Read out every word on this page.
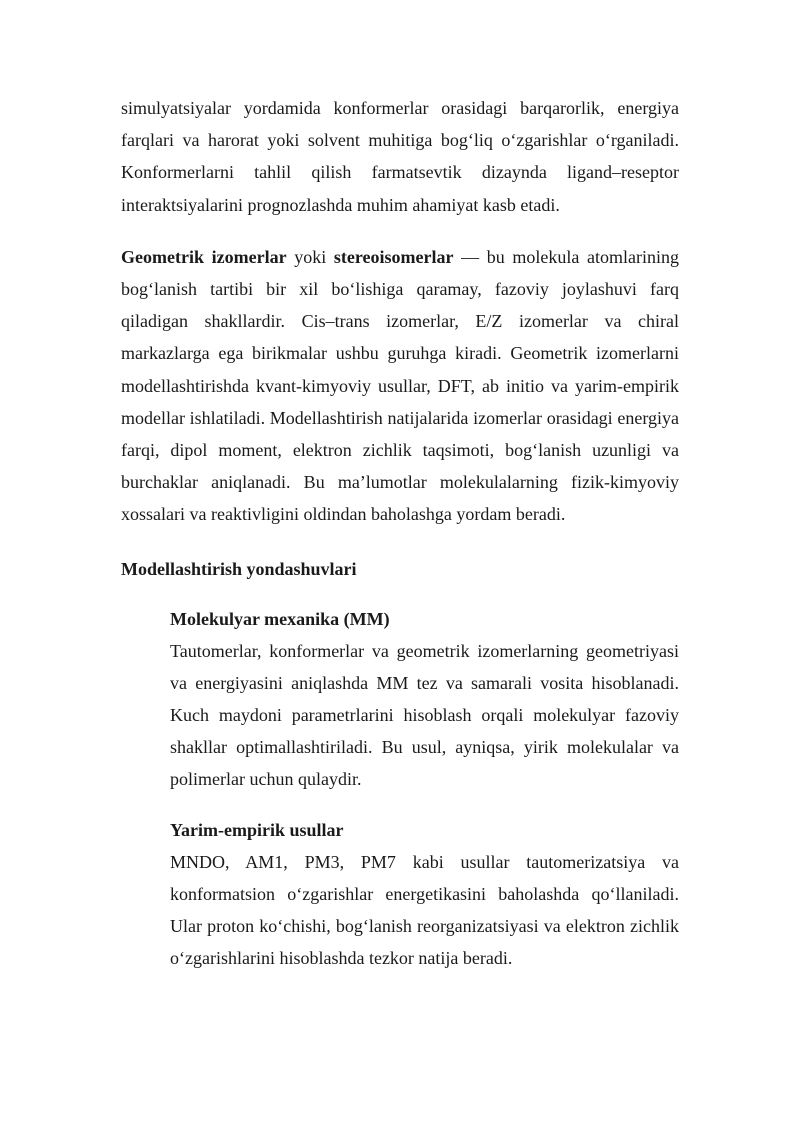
simulyatsiyalar yordamida konformerlar orasidagi barqarorlik, energiya farqlari va harorat yoki solvent muhitiga bog‘liq o‘zgarishlar o‘rganiladi. Konformerlarni tahlil qilish farmatsevtik dizaynda ligand–reseptor interaktsiyalarini prognozlashda muhim ahamiyat kasb etadi.

Geometrik izomerlar yoki stereoisomerlar — bu molekula atomlarining bog‘lanish tartibi bir xil bo‘lishiga qaramay, fazoviy joylashuvi farq qiladigan shakllardir. Cis–trans izomerlar, E/Z izomerlar va chiral markazlarga ega birikmalar ushbu guruhga kiradi. Geometrik izomerlarni modellashtirishda kvant-kimyoviy usullar, DFT, ab initio va yarim-empirik modellar ishlatiladi. Modellashtirish natijalarida izomerlar orasidagi energiya farqi, dipol moment, elektron zichlik taqsimoti, bog‘lanish uzunligi va burchaklar aniqlanadi. Bu ma’lumotlar molekulalarning fizik-kimyoviy xossalari va reaktivligini oldindan baholashga yordam beradi.

Modellashtirish yondashuvlari
Molekulyar mexanika (MM)

Tautomerlar, konformerlar va geometrik izomerlarning geometriyasi va energiyasini aniqlashda MM tez va samarali vosita hisoblanadi. Kuch maydoni parametrlarini hisoblash orqali molekulyar fazoviy shakllar optimallashtiriladi. Bu usul, ayniqsa, yirik molekulalar va polimerlar uchun qulaydir.

Yarim-empirik usullar

MNDO, AM1, PM3, PM7 kabi usullar tautomerizatsiya va konformatsion o‘zgarishlar energetikasini baholashda qo‘llaniladi. Ular proton ko‘chishi, bog‘lanish reorganizatsiyasi va elektron zichlik o‘zgarishlarini hisoblashda tezkor natija beradi.
